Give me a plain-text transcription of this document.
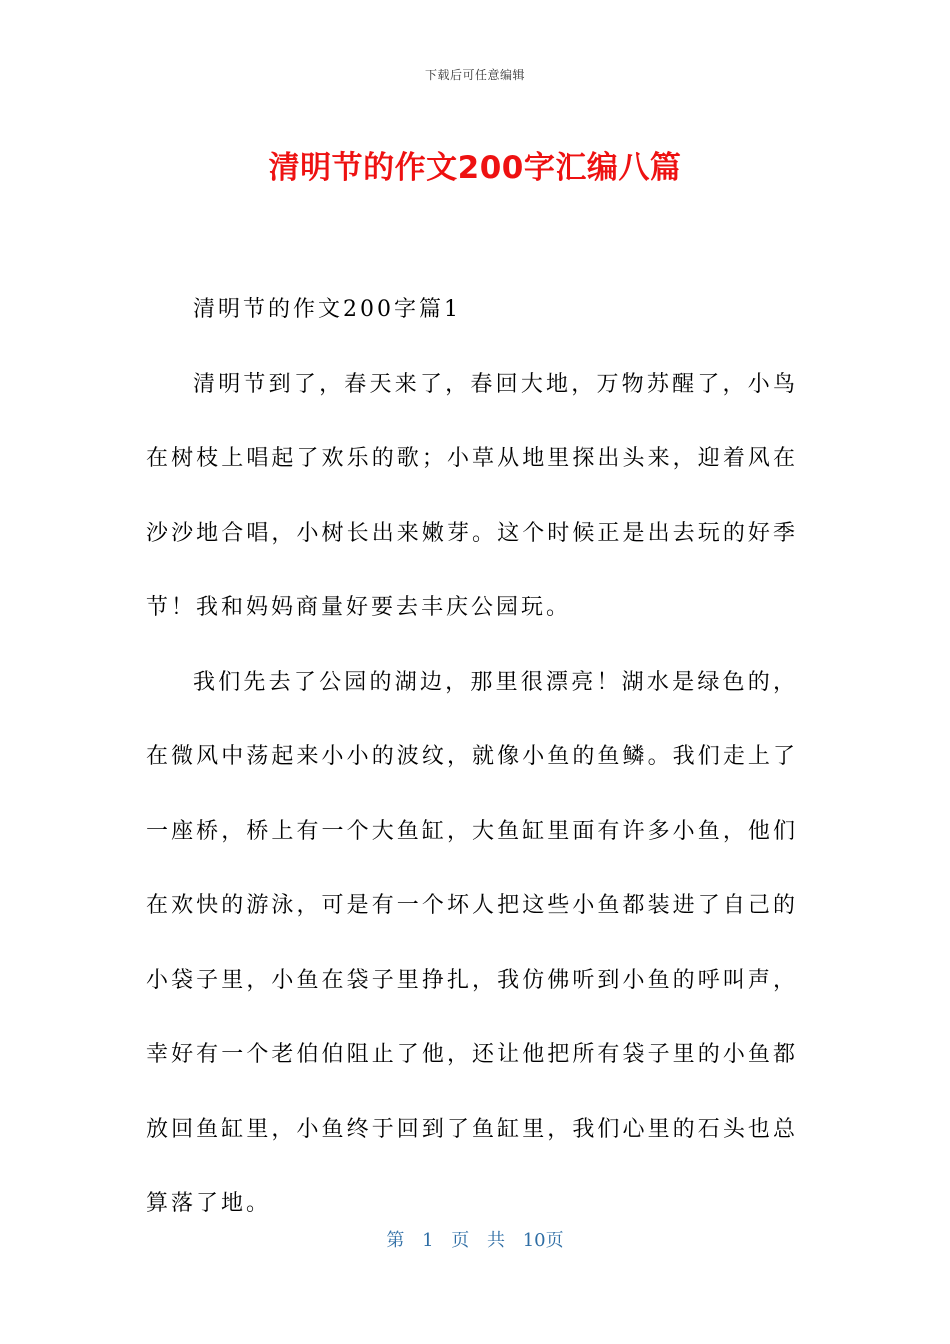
下载后可任意编辑
清明节的作文200字汇编八篇

清明节的作文200字篇1

清明节到了，春天来了，春回大地，万物苏醒了，小鸟在树枝上唱起了欢乐的歌；小草从地里探出头来，迎着风在沙沙地合唱，小树长出来嫩芽。这个时候正是出去玩的好季节！我和妈妈商量好要去丰庆公园玩。

我们先去了公园的湖边，那里很漂亮！湖水是绿色的，在微风中荡起来小小的波纹，就像小鱼的鱼鳞。我们走上了一座桥，桥上有一个大鱼缸，大鱼缸里面有许多小鱼，他们在欢快的游泳，可是有一个坏人把这些小鱼都装进了自己的小袋子里，小鱼在袋子里挣扎，我仿佛听到小鱼的呼叫声，幸好有一个老伯伯阻止了他，还让他把所有袋子里的小鱼都放回鱼缸里，小鱼终于回到了鱼缸里，我们心里的石头也总算落了地。

第 1 页 共 10页
